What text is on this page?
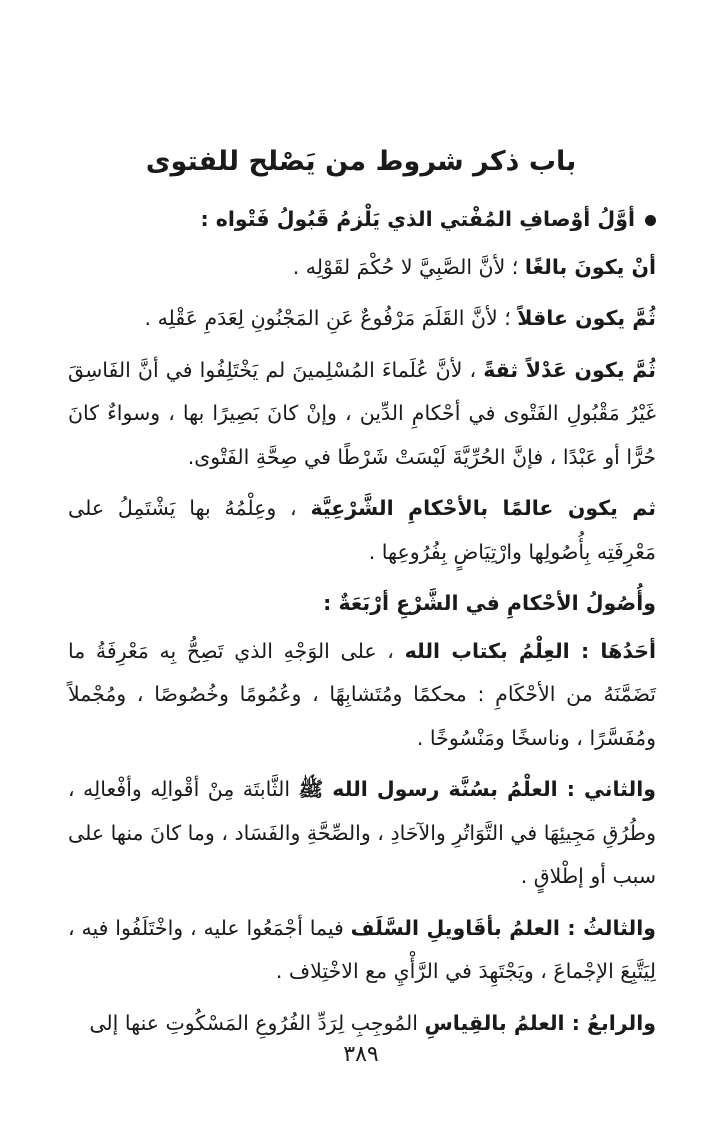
باب ذكر شروط من يَصْلح للفتوى

أوَّلُ أوْصافِ المُفْتي الذي يَلْزمُ قَبُولُ فَتْواه :

أنْ يكونَ بالغًا ؛ لأنَّ الصَّبِيَّ لا حُكْمَ لقَوْلِه .

ثُمَّ يكون عاقلاً ؛ لأنَّ القَلَمَ مَرْفُوعٌ عَنِ المَجْنُونِ لِعَدَمِ عَقْلِه .

ثُمَّ يكون عَدْلاً ثقةً ، لأنَّ عُلَماءَ المُسْلِمينَ لم يَخْتَلِفُوا في أنَّ الفَاسِقَ غَيْرُ مَقْبُولِ الفَتْوى في أحْكامِ الدِّين ، وإنْ كانَ بَصِيرًا بها ، وسواءٌ كانَ حُرًّا أو عَبْدًا ، فإنَّ الحُرِّيَّةَ لَيْسَتْ شَرْطًا في صِحَّةِ الفَتْوى.

ثم يكون عالمًا بالأحْكامِ الشَّرْعِيَّة ، وعِلْمُهُ بها يَشْتَمِلُ على مَعْرِفَتِه بِأُصُولِها وارْتِيَاضٍ بِفُرُوعِها .

وأُصُولُ الأحْكامِ في الشَّرْعِ أرْبَعَةٌ :

أحَدُهَا : العِلْمُ بكتاب الله ، على الوَجْهِ الذي تَصِحُّ بِه مَعْرِفَةُ ما تَضَمَّنَهُ من الأحْكَامِ : محكمًا ومُتَشابِهًا ، وعُمُومًا وخُصُوصًا ، ومُجْملاً ومُفَسَّرًا ، وناسخًا ومَنْسُوخًا .

والثاني : العلْمُ بسُنَّة رسول الله ﷺ الثَّابتَة مِنْ أقْوالِه وأفْعالِه ، وطُرُقِ مَجِيئِهَا في التَّوَاتُرِ والآحَادِ ، والصِّحَّةِ والفَسَاد ، وما كانَ منها على سبب أو إطْلاقٍ .

والثالثُ : العلمُ بأقَاويلِ السَّلَف فيما أجْمَعُوا عليه ، واخْتَلَفُوا فيه ، لِيَتَّبِعَ الإجْماعَ ، ويَجْتَهِدَ في الرَّأْيِ مع الاخْتِلاف .

والرابعُ : العلمُ بالقِياسِ المُوجِبِ لِرَدِّ الفُرُوعِ المَسْكُوتِ عنها إلى

٣٨٩
